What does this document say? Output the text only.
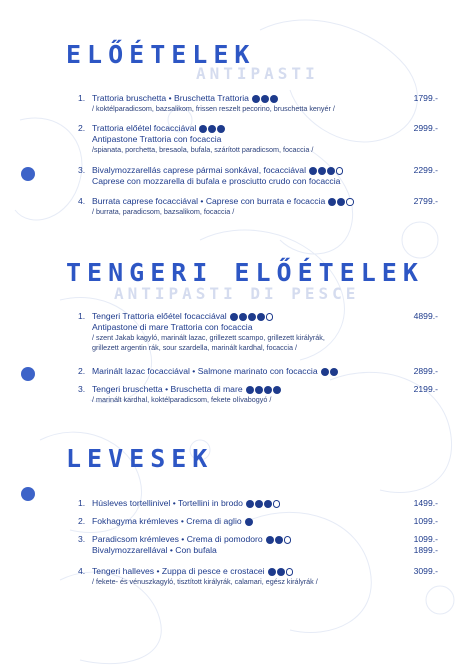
ELŐÉTELEK
ANTIPASTI
1. Trattoria bruschetta • Bruschetta Trattoria
/ koktélparadicsom, bazsalikom, frissen reszelt pecorino, bruschetta kenyér /
1799.-
2. Trattoria előétel focaccіával
Antipastone Trattoria con focaccia
/spianata, porchetta, bresaola, bufala, szárított paradicsom, focaccia /
2999.-
3. Bivalymozzarellás caprese pármai sonkával, focaccіával
Caprese con mozzarella di bufala e prosciutto crudo con focaccia
2299.-
4. Burrata caprese focaccіával • Caprese con burrata e focaccia
/ burrata, paradicsom, bazsalikom, focaccia /
2799.-
TENGERI ELŐÉTELEK
ANTIPASTI DI PESCE
1. Tengeri Trattoria előétel focaccіával
Antipastone di mare Trattoria con focaccia
/ szent Jakab kagyló, marinált lazac, grillezett scampo, grillezett királyrák,
grillezett argentin rák, sour szardella, marinált kardhal, focaccia /
4899.-
2. Marinált lazac focaccіával • Salmone marinato con focaccia	2899.-
3. Tengeri bruschetta • Bruschetta di mare
/ marinált kardhal, koktélparadicsom, fekete olívabogyó /
2199.-
LEVESEK
1. Húsleves tortellinivel • Tortellini in brodo	1499.-
2. Fokhagyma krémleves • Crema di aglio	1099.-
3. Paradicsom krémleves • Crema di pomodoro
Bivalymozzarellával • Con bufala
1099.-
1899.-
4. Tengeri halleves • Zuppa di pesce e crostacei
/ fekete- és vénuszkagyló, tisztított királyrák, calamari, egész királyrák /
3099.-
